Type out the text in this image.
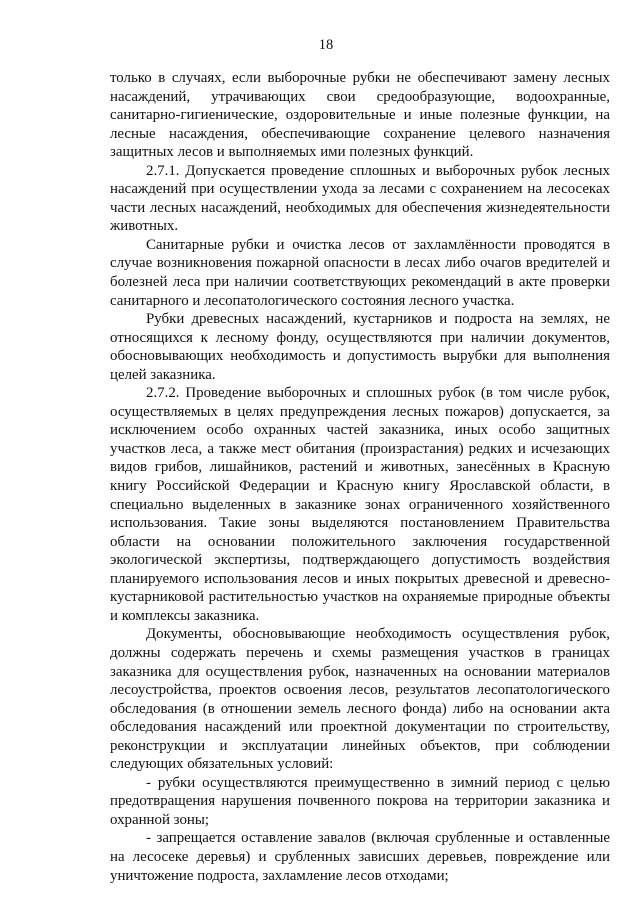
18

только в случаях, если выборочные рубки не обеспечивают замену лесных насаждений, утрачивающих свои средообразующие, водоохранные, санитарно-гигиенические, оздоровительные и иные полезные функции, на лесные насаждения, обеспечивающие сохранение целевого назначения защитных лесов и выполняемых ими полезных функций.

2.7.1. Допускается проведение сплошных и выборочных рубок лесных насаждений при осуществлении ухода за лесами с сохранением на лесосеках части лесных насаждений, необходимых для обеспечения жизнедеятельности животных.

Санитарные рубки и очистка лесов от захламлённости проводятся в случае возникновения пожарной опасности в лесах либо очагов вредителей и болезней леса при наличии соответствующих рекомендаций в акте проверки санитарного и лесопатологического состояния лесного участка.

Рубки древесных насаждений, кустарников и подроста на землях, не относящихся к лесному фонду, осуществляются при наличии документов, обосновывающих необходимость и допустимость вырубки для выполнения целей заказника.

2.7.2. Проведение выборочных и сплошных рубок (в том числе рубок, осуществляемых в целях предупреждения лесных пожаров) допускается, за исключением особо охранных частей заказника, иных особо защитных участков леса, а также мест обитания (произрастания) редких и исчезающих видов грибов, лишайников, растений и животных, занесённых в Красную книгу Российской Федерации и Красную книгу Ярославской области, в специально выделенных в заказнике зонах ограниченного хозяйственного использования. Такие зоны выделяются постановлением Правительства области на основании положительного заключения государственной экологической экспертизы, подтверждающего допустимость воздействия планируемого использования лесов и иных покрытых древесной и древесно-кустарниковой растительностью участков на охраняемые природные объекты и комплексы заказника.

Документы, обосновывающие необходимость осуществления рубок, должны содержать перечень и схемы размещения участков в границах заказника для осуществления рубок, назначенных на основании материалов лесоустройства, проектов освоения лесов, результатов лесопатологического обследования (в отношении земель лесного фонда) либо на основании акта обследования насаждений или проектной документации по строительству, реконструкции и эксплуатации линейных объектов, при соблюдении следующих обязательных условий:

- рубки осуществляются преимущественно в зимний период с целью предотвращения нарушения почвенного покрова на территории заказника и охранной зоны;

- запрещается оставление завалов (включая срубленные и оставленные на лесосеке деревья) и срубленных зависших деревьев, повреждение или уничтожение подроста, захламление лесов отходами;
